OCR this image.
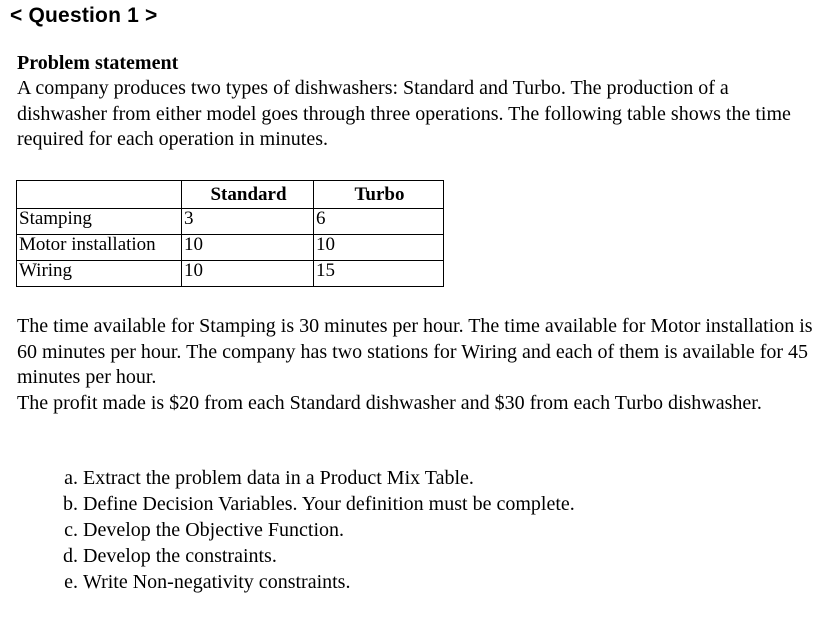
< Question 1 >
Problem statement
A company produces two types of dishwashers: Standard and Turbo. The production of a dishwasher from either model goes through three operations. The following table shows the time required for each operation in minutes.
	Standard	Turbo
Stamping	3	6
Motor installation	10	10
Wiring	10	15
The time available for Stamping is 30 minutes per hour. The time available for Motor installation is 60 minutes per hour. The company has two stations for Wiring and each of them is available for 45 minutes per hour.
The profit made is $20 from each Standard dishwasher and $30 from each Turbo dishwasher.
a. Extract the problem data in a Product Mix Table.
b. Define Decision Variables. Your definition must be complete.
c. Develop the Objective Function.
d. Develop the constraints.
e. Write Non-negativity constraints.
